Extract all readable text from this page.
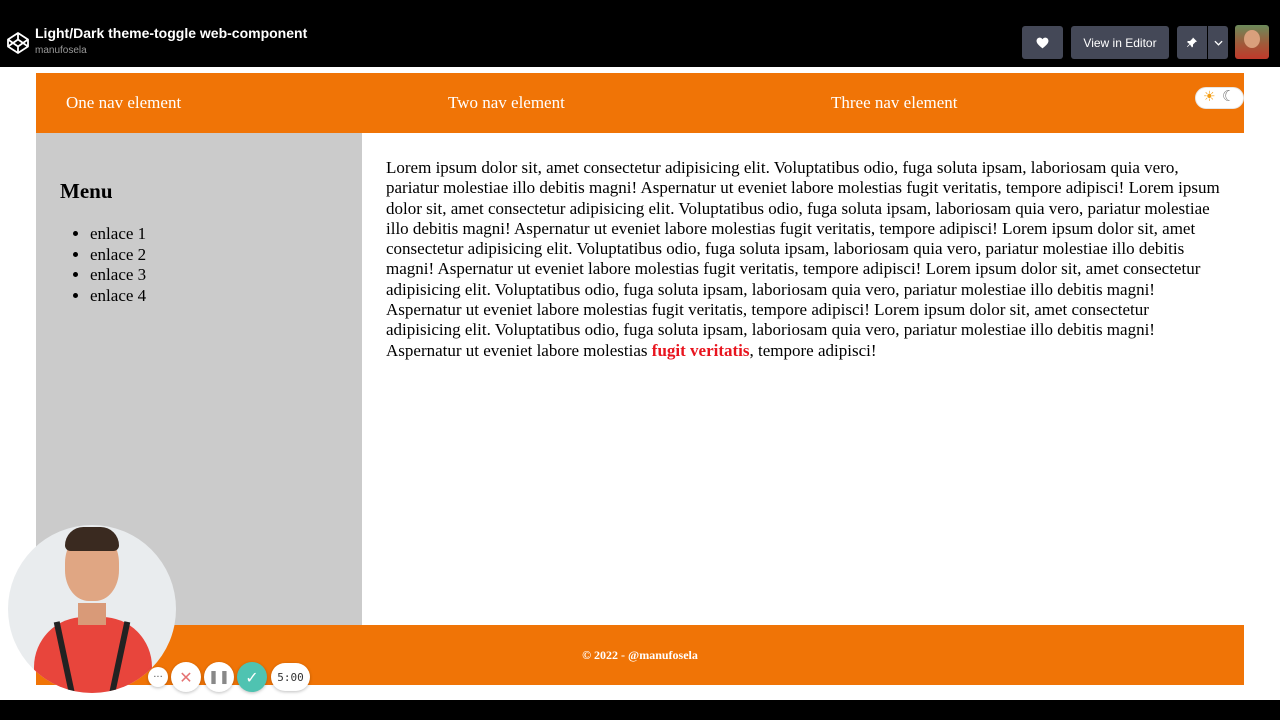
Light/Dark theme-toggle web-component
manufosela
View in Editor
One nav element	Two nav element	Three nav element	☀ ☾
Menu
• enlace 1
• enlace 2
• enlace 3
• enlace 4

Lorem ipsum dolor sit, amet consectetur adipisicing elit. Voluptatibus odio, fuga soluta ipsam, laboriosam quia vero, pariatur molestiae illo debitis magni! Aspernatur ut eveniet labore molestias fugit veritatis, tempore adipisci! Lorem ipsum dolor sit, amet consectetur adipisicing elit. Voluptatibus odio, fuga soluta ipsam, laboriosam quia vero, pariatur molestiae illo debitis magni! Aspernatur ut eveniet labore molestias fugit veritatis, tempore adipisci! Lorem ipsum dolor sit, amet consectetur adipisicing elit. Voluptatibus odio, fuga soluta ipsam, laboriosam quia vero, pariatur molestiae illo debitis magni! Aspernatur ut eveniet labore molestias fugit veritatis, tempore adipisci! Lorem ipsum dolor sit, amet consectetur adipisicing elit. Voluptatibus odio, fuga soluta ipsam, laboriosam quia vero, pariatur molestiae illo debitis magni! Aspernatur ut eveniet labore molestias fugit veritatis, tempore adipisci! Lorem ipsum dolor sit, amet consectetur adipisicing elit. Voluptatibus odio, fuga soluta ipsam, laboriosam quia vero, pariatur molestiae illo debitis magni! Aspernatur ut eveniet labore molestias fugit veritatis, tempore adipisci!

© 2022 - @manufosela
···	✕	❚❚ ✓	5:00
